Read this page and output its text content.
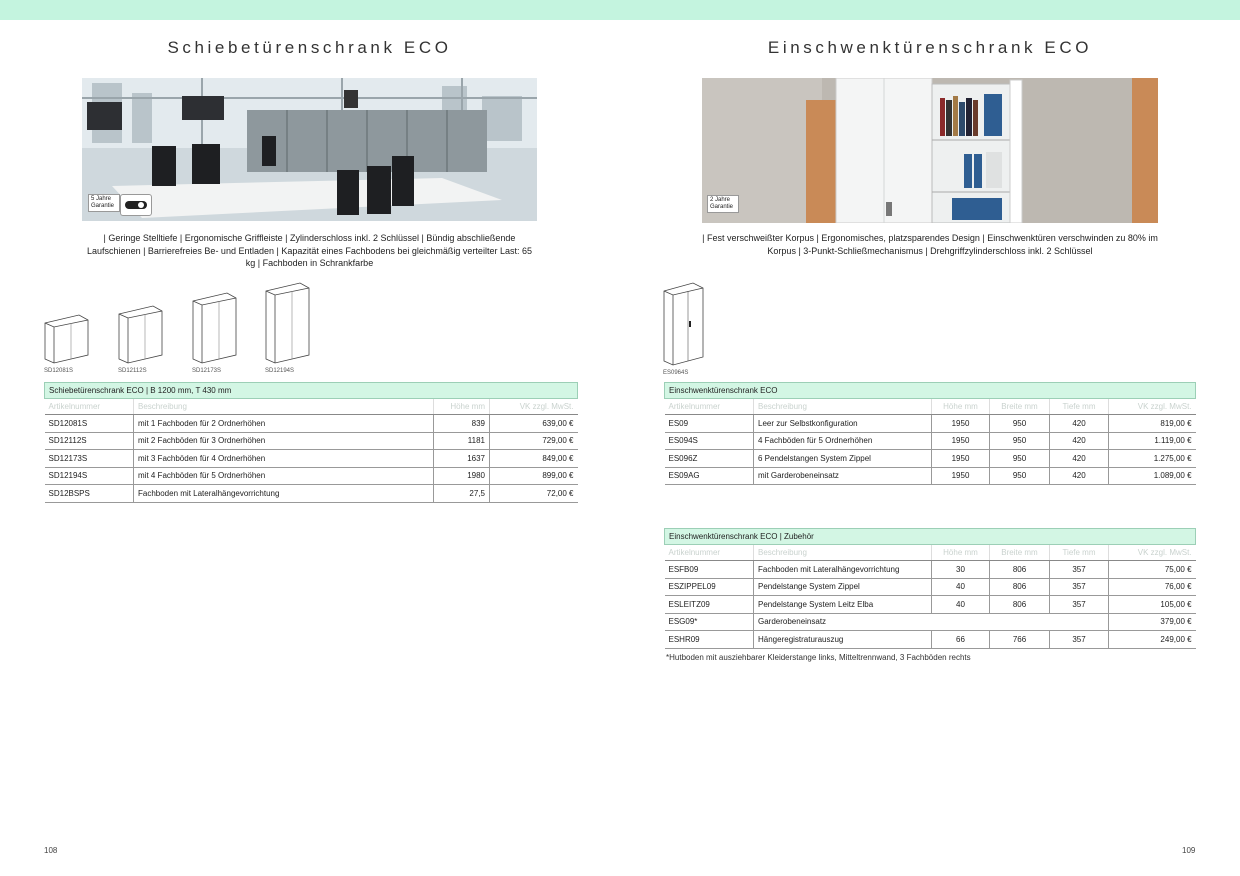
Schiebetürenschrank ECO
5 Jahre Garantie
| Geringe Stelltiefe | Ergonomische Griffleiste | Zylinderschloss inkl. 2 Schlüssel | Bündig abschließende Laufschienen | Barrierefreies Be- und Entladen | Kapazität eines Fachbodens bei gleichmäßig verteilter Last: 65 kg | Fachboden in Schrankfarbe
SD12081S	SD12112S	SD12173S	SD12194S
Schiebetürenschrank ECO | B 1200 mm, T 430 mm			
Artikelnummer	Beschreibung	Höhe mm	VK zzgl. MwSt.
SD12081S	mit 1 Fachboden für 2 Ordnerhöhen	839	639,00 €
SD12112S	mit 2 Fachböden für 3 Ordnerhöhen	1181	729,00 €
SD12173S	mit 3 Fachböden für 4 Ordnerhöhen	1637	849,00 €
SD12194S	mit 4 Fachböden für 5 Ordnerhöhen	1980	899,00 €
SD12BSPS	Fachboden mit Lateralhängevorrichtung	27,5	72,00 €
108
Einschwenktürenschrank ECO
2 Jahre Garantie
| Fest verschweißter Korpus | Ergonomisches, platzsparendes Design | Einschwenktüren verschwinden zu 80% im Korpus | 3-Punkt-Schließmechanismus | Drehgriffzylinderschloss inkl. 2 Schlüssel
ES0964S
Einschwenktürenschrank ECO					
Artikelnummer	Beschreibung	Höhe mm	Breite mm	Tiefe mm	VK zzgl. MwSt.
ES09	Leer zur Selbstkonfiguration	1950	950	420	819,00 €
ES094S	4 Fachböden für 5 Ordnerhöhen	1950	950	420	1.119,00 €
ES096Z	6 Pendelstangen System Zippel	1950	950	420	1.275,00 €
ES09AG	mit Garderobeneinsatz	1950	950	420	1.089,00 €
Einschwenktürenschrank ECO | Zubehör					
Artikelnummer	Beschreibung	Höhe mm	Breite mm	Tiefe mm	VK zzgl. MwSt.
ESFB09	Fachboden mit Lateralhängevorrichtung	30	806	357	75,00 €
ESZIPPEL09	Pendelstange System Zippel	40	806	357	76,00 €
ESLEITZ09	Pendelstange System Leitz Elba	40	806	357	105,00 €
ESG09*	Garderobeneinsatz				379,00 €
ESHR09	Hängeregistraturauszug	66	766	357	249,00 €
*Hutboden mit ausziehbarer Kleiderstange links, Mitteltrennwand, 3 Fachböden rechts
109
